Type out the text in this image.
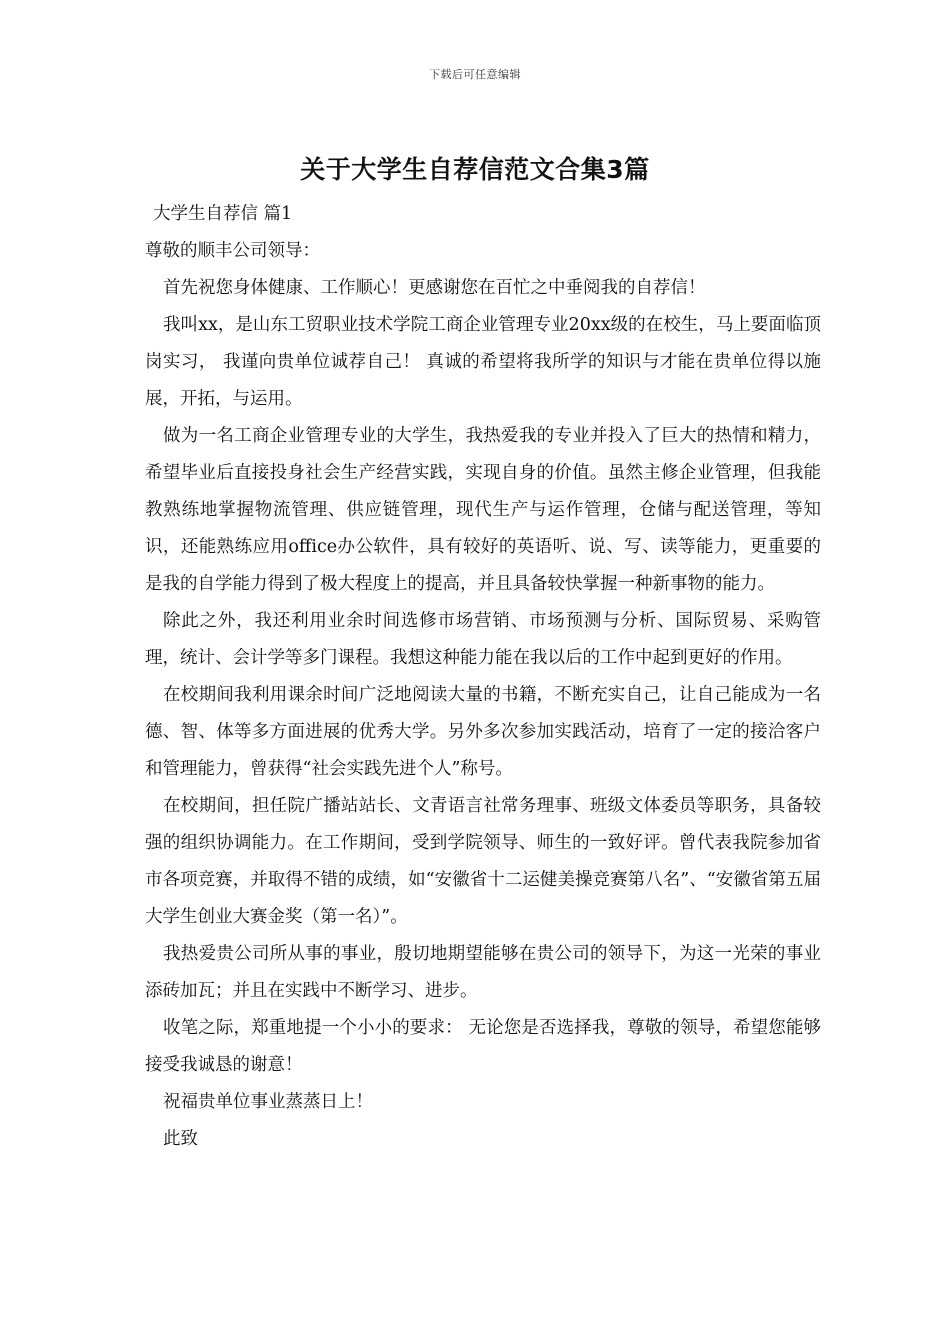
下载后可任意编辑
关于大学生自荐信范文合集3篇

大学生自荐信 篇1

尊敬的顺丰公司领导：

首先祝您身体健康、工作顺心！更感谢您在百忙之中垂阅我的自荐信！

我叫xx，是山东工贸职业技术学院工商企业管理专业20xx级的在校生，马上要面临顶岗实习， 我谨向贵单位诚荐自己！ 真诚的希望将我所学的知识与才能在贵单位得以施展，开拓，与运用。

做为一名工商企业管理专业的大学生，我热爱我的专业并投入了巨大的热情和精力，希望毕业后直接投身社会生产经营实践，实现自身的价值。虽然主修企业管理，但我能教熟练地掌握物流管理、供应链管理，现代生产与运作管理，仓储与配送管理，等知识，还能熟练应用office办公软件，具有较好的英语听、说、写、读等能力，更重要的是我的自学能力得到了极大程度上的提高，并且具备较快掌握一种新事物的能力。

除此之外，我还利用业余时间选修市场营销、市场预测与分析、国际贸易、采购管理，统计、会计学等多门课程。我想这种能力能在我以后的工作中起到更好的作用。

在校期间我利用课余时间广泛地阅读大量的书籍，不断充实自己，让自己能成为一名德、智、体等多方面进展的优秀大学。另外多次参加实践活动，培育了一定的接洽客户和管理能力，曾获得“社会实践先进个人”称号。

在校期间，担任院广播站站长、文青语言社常务理事、班级文体委员等职务，具备较强的组织协调能力。在工作期间，受到学院领导、师生的一致好评。曾代表我院参加省市各项竞赛，并取得不错的成绩，如“安徽省十二运健美操竞赛第八名”、“安徽省第五届大学生创业大赛金奖（第一名）”。

我热爱贵公司所从事的事业，殷切地期望能够在贵公司的领导下，为这一光荣的事业添砖加瓦；并且在实践中不断学习、进步。

收笔之际，郑重地提一个小小的要求： 无论您是否选择我，尊敬的领导，希望您能够接受我诚恳的谢意！

祝福贵单位事业蒸蒸日上！

此致
